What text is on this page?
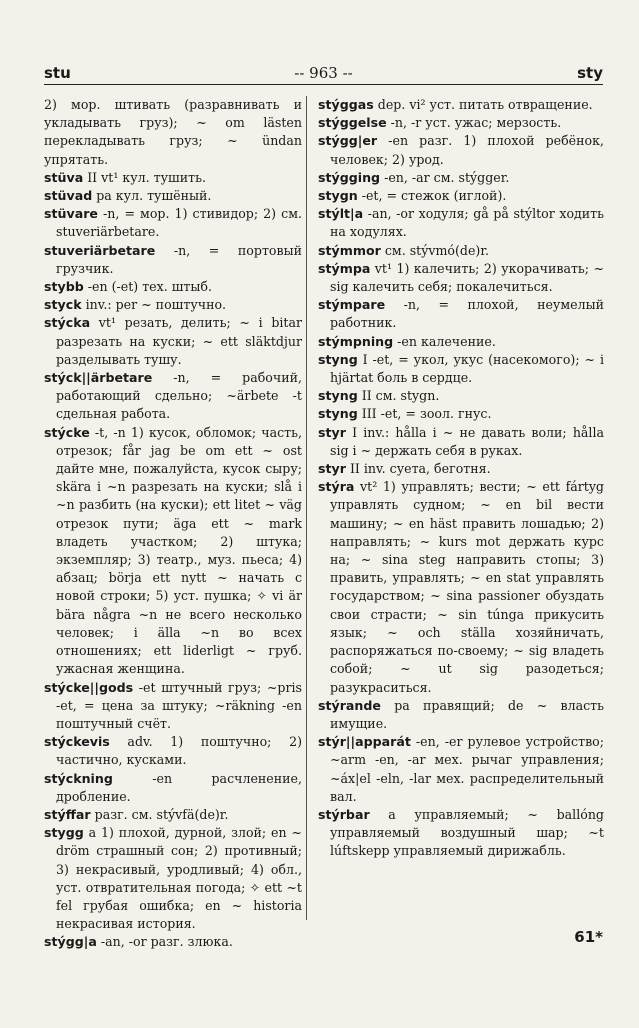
stu	-- 963 --	sty

2) мор. штивать (разравнивать и укладывать груз); ~ om lästen перекладывать груз; ~ ündan упрятать.

stüva II vt¹ кул. тушить.

stüvad pa кул. тушёный.

stüvare -n, = мор. 1) стивидор; 2) см. stuveriärbetare.

stuveriärbetare -n, = портовый грузчик.

stybb -en (-et) тех. штыб.

styck inv.: per ~ поштучно.

stýcka vt¹ резать, делить; ~ i bitar разрезать на куски; ~ ett släktdjur разделывать тушу.

stýck||ärbetare -n, = рабочий, работающий сдельно; ~ärbete -t сдельная работа.

stýcke -t, -n 1) кусок, обломок; часть, отрезок; får jag be om ett ~ ost дайте мне, пожалуйста, кусок сыру; skära i ~n разрезать на куски; slå i ~n разбить (на куски); ett litet ~ väg отрезок пути; äga ett ~ mark владеть участком; 2) штука; экземпляр; 3) театр., муз. пьеса; 4) абзац; börja ett nytt ~ начать с новой строки; 5) уст. пушка; ✧ vi är bära några ~n не всего несколько человек; i älla ~n во всех отношениях; ett liderligt ~ груб. ужасная женщина.

stýcke||gods -et штучный груз; ~pris -et, = цена за штуку; ~räkning -en поштучный счёт.

stýckevis adv. 1) поштучно; 2) частично, кусками.

stýckning -en расчленение, дробление.

stýffar разг. см. stývfä(de)r.

stygg a 1) плохой, дурной, злой; en ~ dröm страшный сон; 2) противный; 3) некрасивый, уродливый; 4) обл., уст. отвратительная погода; ✧ ett ~t fel грубая ошибка; en ~ historia некрасивая история.

stýgg|a -an, -or разг. злюка.

stýggas dep. vi² уст. питать отвращение.

stýggelse -n, -r уст. ужас; мерзость.

stýgg|er -en разг. 1) плохой ребёнок, человек; 2) урод.

stýgging -en, -ar см. stýgger.

stygn -et, = стежок (иглой).

stýlt|a -an, -or ходуля; gå på stýltor ходить на ходулях.

stýmmor см. stývmó(de)r.

stýmpa vt¹ 1) калечить; 2) укорачивать; ~ sig калечить себя; покалечиться.

stýmpare -n, = плохой, неумелый работник.

stýmpning -en калечение.

styng I -et, = укол, укус (насекомого); ~ i hjärtat боль в сердце.

styng II см. stygn.

styng III -et, = зоол. гнус.

styr I inv.: hålla i ~ не давать воли; hålla sig i ~ держать себя в руках.

styr II inv. суета, беготня.

stýra vt² 1) управлять; вести; ~ ett fártyg управлять судном; ~ en bil вести машину; ~ en häst править лошадью; 2) направлять; ~ kurs mot держать курс на; ~ sina steg направить стопы; 3) править, управлять; ~ en stat управлять государством; ~ sina passioner обуздать свои страсти; ~ sin túnga прикусить язык; ~ och ställa хозяйничать, распоряжаться по-своему; ~ sig владеть собой; ~ ut sig разодеться; разукраситься.

stýrande pa правящий; de ~ власть имущие.

stýr||apparát -en, -er рулевое устройство; ~arm -en, -ar мех. рычаг управления; ~áx|el -eln, -lar мех. распределительный вал.

stýrbar a управляемый; ~ ballóng управляемый воздушный шар; ~t lúftskepp управляемый дирижабль.

61*
